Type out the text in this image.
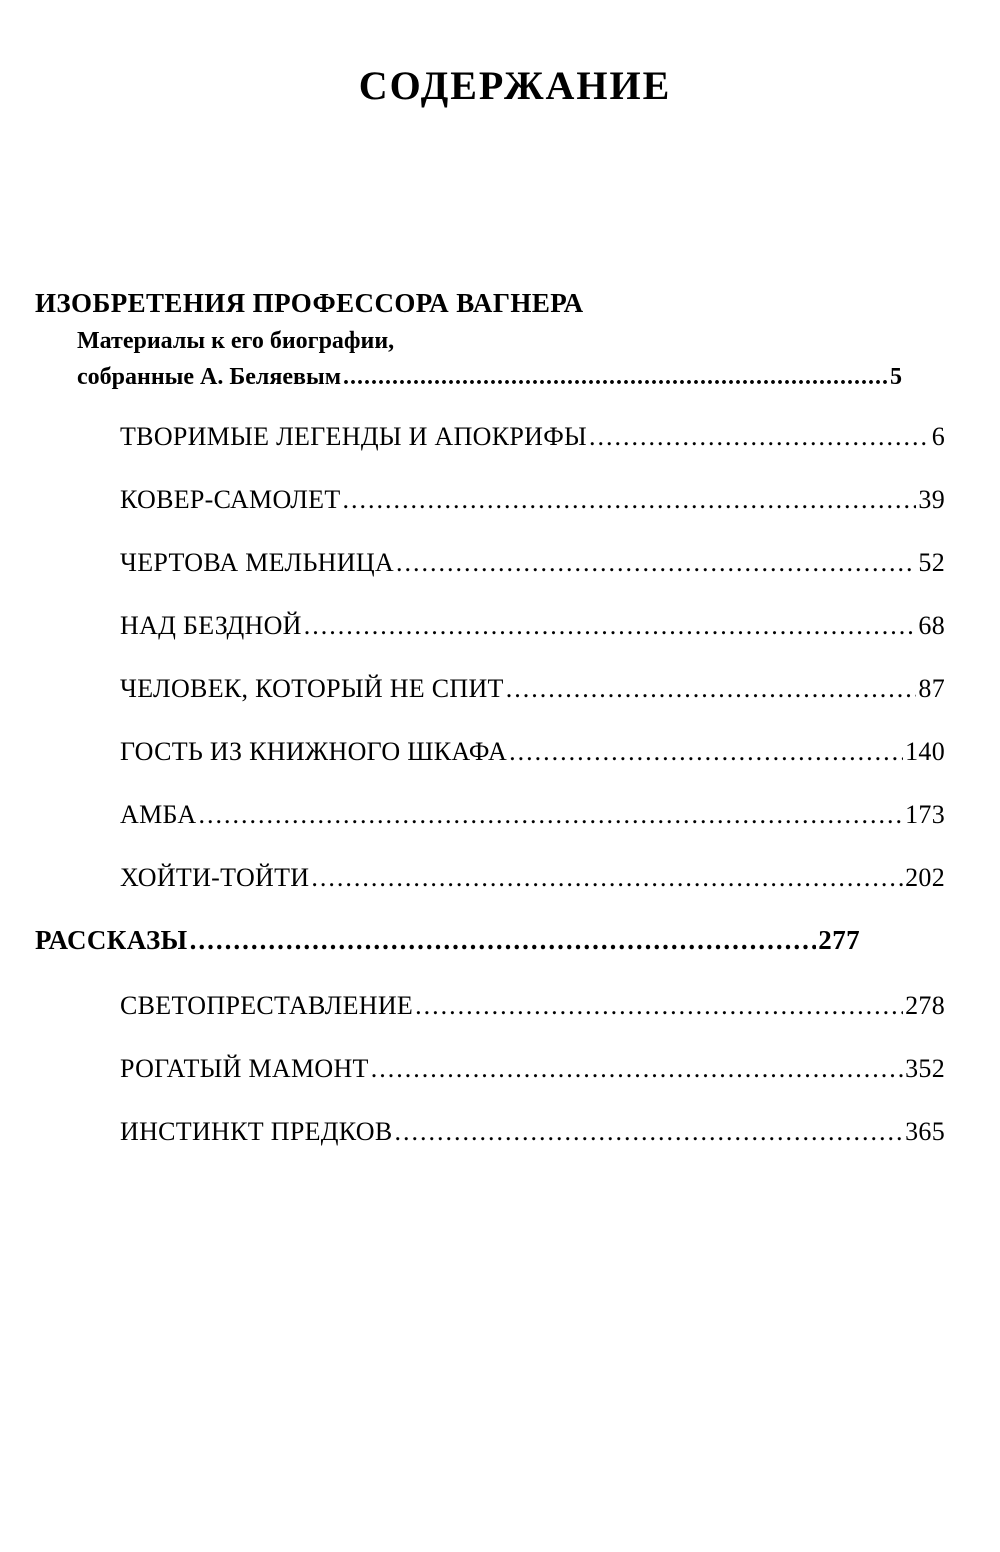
СОДЕРЖАНИЕ
ИЗОБРЕТЕНИЯ ПРОФЕССОРА ВАГНЕРА
Материалы к его биографии,
собранные А. Беляевым .....	5
ТВОРИМЫЕ ЛЕГЕНДЫ И АПОКРИФЫ .....	6
КОВЕР-САМОЛЕТ .....	39
ЧЕРТОВА МЕЛЬНИЦА .....	52
НАД БЕЗДНОЙ .....	68
ЧЕЛОВЕК, КОТОРЫЙ НЕ СПИТ .....	87
ГОСТЬ ИЗ КНИЖНОГО ШКАФА .....	140
АМБА .....	173
ХОЙТИ-ТОЙТИ .....	202
РАССКАЗЫ .....	277
СВЕТОПРЕСТАВЛЕНИЕ .....	278
РОГАТЫЙ МАМОНТ .....	352
ИНСТИНКТ ПРЕДКОВ .....	365
